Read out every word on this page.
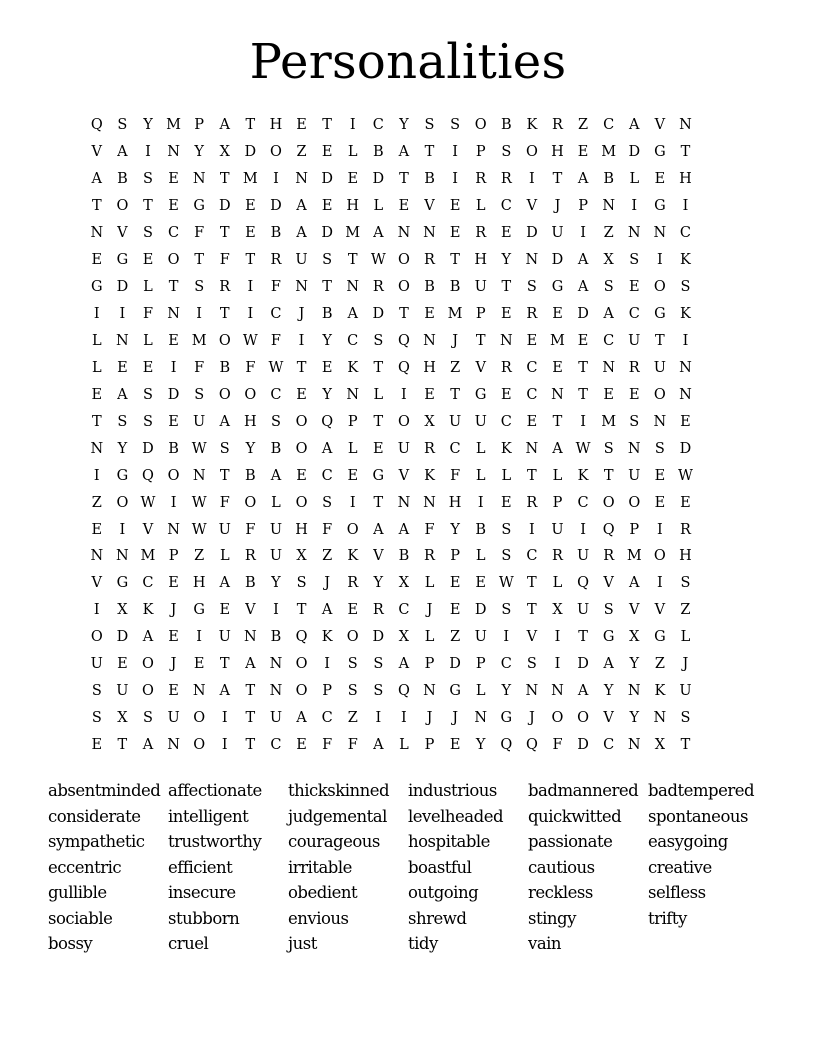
Personalities
Q	S	Y M P	A	T H E	T	I	C	Y	S	S	O B	K	R	Z	C	A	V N
V	A	I	N Y	X	D O	Z	E	L	B	A	T	I	P	S	O H E M D G	T
A	B	S	E N T M	I	N D E D	T	B	I	R	R	I	T	A	B	L	E H
T	O	T	E	G D E D	A	E H L	E	V	E	L	C	V	J	P N	I	G	I
N V	S	C	F	T	E	B	A	D M A N N E	R	E D U	I	Z N N C
E	G	E O	T	F	T	R U	S	T W O R	T H Y N D	A	X	S	I	K
G D	L	T	S	R	I	F N T N R O B	B U	T	S	G	A	S	E O	S
I	I	F N	I	T	I	C	J	B	A	D	T	E M P	E	R	E D	A	C G K
L N L	E M O W F	I	Y	C	S	Q N	J	T N E M E	C U	T	I
L	E	E	I	F	B	F W T	E	K	T	Q H Z	V	R	C	E	T N R U N
E	A	S	D	S	O O C	E	Y N L	I	E	T	G	E	C N T	E	E O N
T	S	S	E U A H S	O Q	P	T	O X U U C	E	T	I	M S N E
N Y	D B W S	Y	B O A	L	E U R	C	L	K N A W S N S	D
I	G Q O N T	B	A	E	C	E	G	V	K	F	L	L	T	L	K	T	U E W
Z	O W	I	W F	O	L	O	S	I	T N N H	I	E	R	P	C O O E	E
E	I	V N W U F U H F	O A	A	F	Y	B	S	I	U	I	Q	P	I	R
N N M P	Z	L	R U X	Z	K	V	B	R	P	L	S	C	R U R M O H
V	G C	E H A	B	Y	S	J	R	Y	X	L	E	E W T	L	Q V	A	I	S
I	X	K	J	G	E	V	I	T	A	E	R	C	J	E D	S	T	X U	S	V	V	Z
O D	A	E	I	U N B Q K O D	X	L	Z U	I	V	I	T	G	X	G	L
U E O	J	E	T	A N O	I	S	S	A	P	D	P	C	S	I	D	A	Y	Z	J
S	U O E N A	T N O	P	S	S	Q N G	L	Y N N A	Y N K U
S	X	S	U O	I	T	U A	C	Z	I	I	J	J	N G	J	O O V	Y N S
E	T	A N O	I	T	C	E	F	F	A	L	P	E	Y	Q Q	F	D C N X	T
absentminded affectionate	thickskinned	industrious	badmannered badtempered
considerate	intelligent	judgemental	levelheaded	quickwitted	spontaneous
sympathetic	trustworthy	courageous	hospitable	passionate	easygoing
eccentric	efficient	irritable	boastful	cautious	creative
gullible	insecure	obedient	outgoing	reckless	selfless
sociable	stubborn	envious	shrewd	stingy	trifty
bossy	cruel	just	tidy	vain
